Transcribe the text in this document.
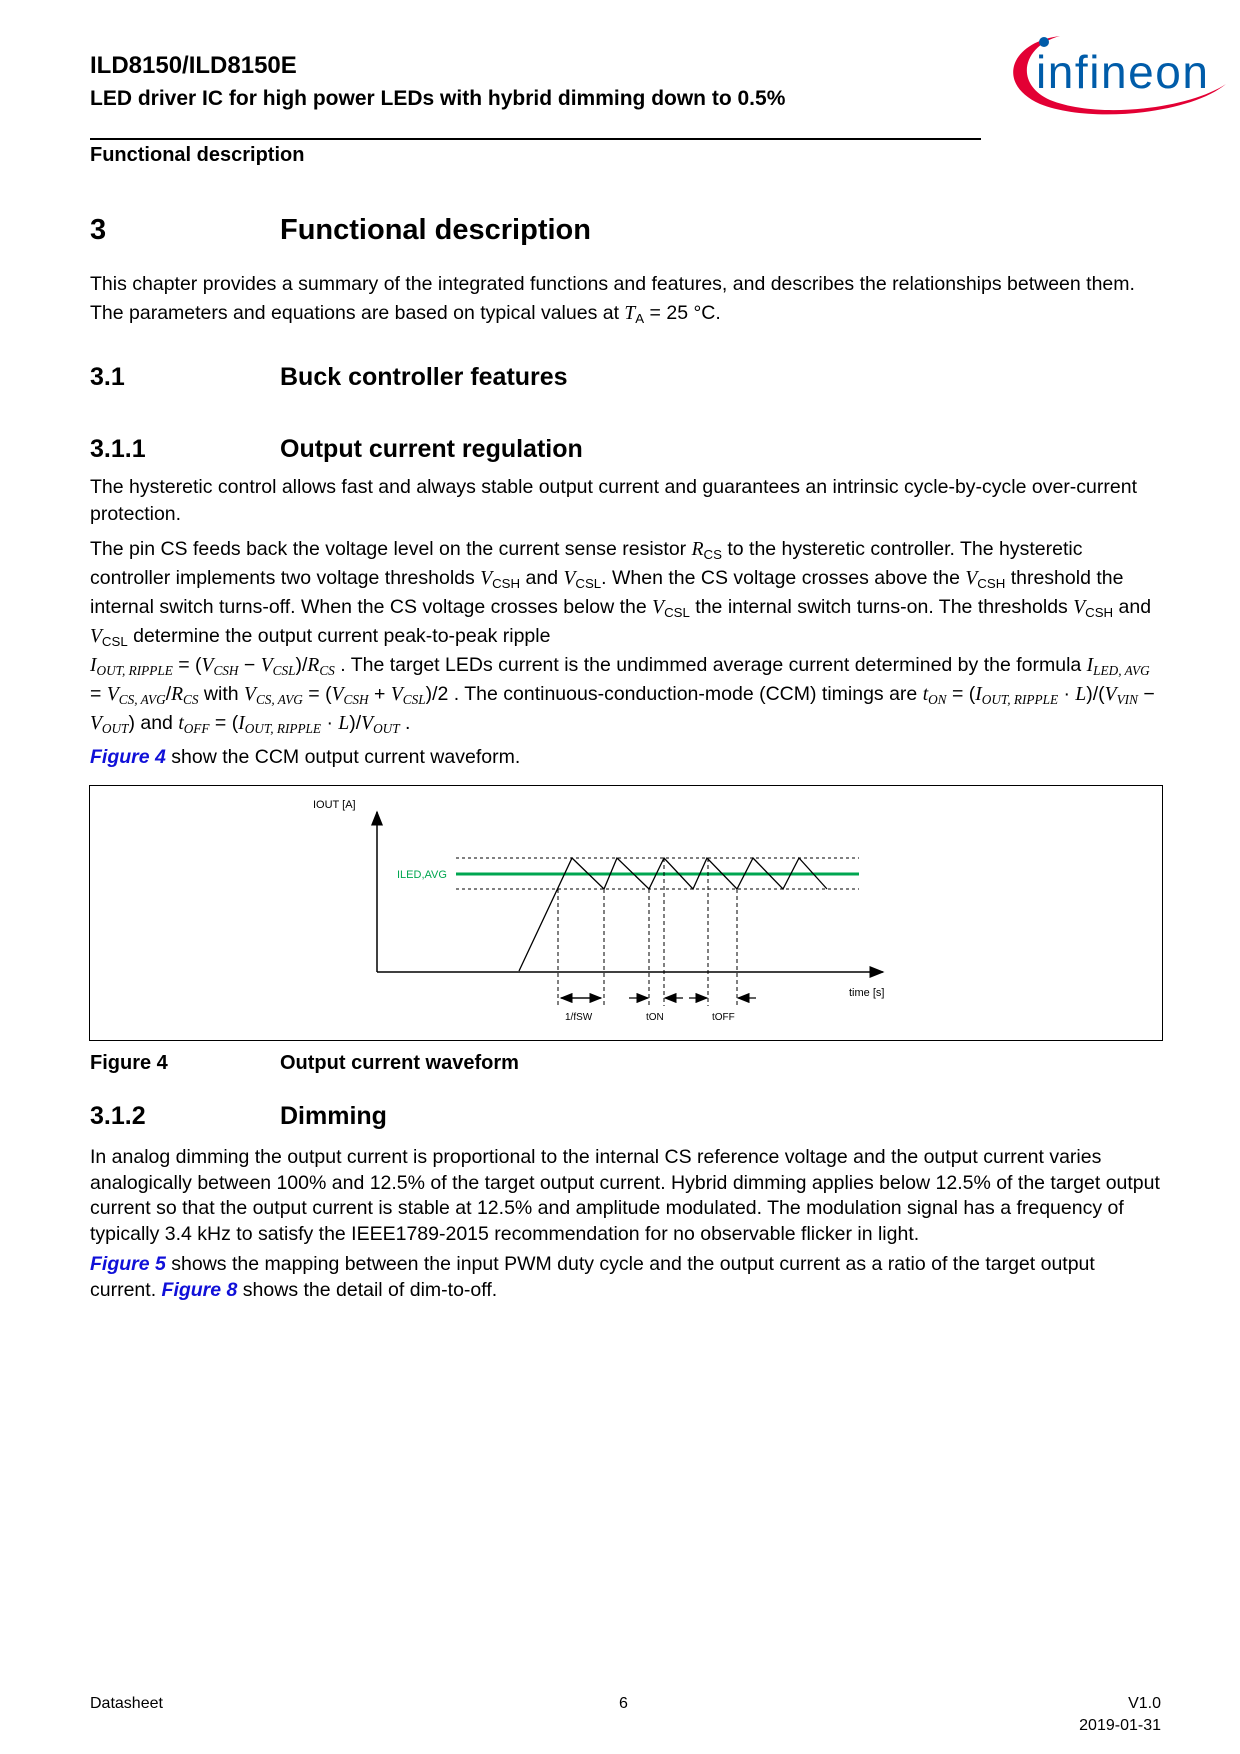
ILD8150/ILD8150E
LED driver IC for high power LEDs with hybrid dimming down to 0.5%
Functional description
infineon
3	Functional description

This chapter provides a summary of the integrated functions and features, and describes the relationships between them. The parameters and equations are based on typical values at $T_A = 25$ °C.

3.1	Buck controller features
3.1.1	Output current regulation

The hysteretic control allows fast and always stable output current and guarantees an intrinsic cycle-by-cycle over-current protection.

The pin CS feeds back the voltage level on the current sense resistor $R_{CS}$ to the hysteretic controller. The hysteretic controller implements two voltage thresholds $V_{CSH}$ and $V_{CSL}$. When the CS voltage crosses above the $V_{CSH}$ threshold the internal switch turns-off. When the CS voltage crosses below the $V_{CSL}$ the internal switch turns-on. The thresholds $V_{CSH}$ and $V_{CSL}$ determine the output current peak-to-peak ripple
$I_{OUT, RIPPLE} = (V_{CSH} - V_{CSL})/R_{CS}$ . The target LEDs current is the undimmed average current determined by the formula $I_{LED, AVG} = V_{CS, AVG}/R_{CS}$ with $V_{CS, AVG} = (V_{CSH} + V_{CSL})/2$ . The continuous-conduction-mode (CCM) timings are $t_{ON} = (I_{OUT, RIPPLE} \cdot L)/(V_{VIN} - V_{OUT})$ and $t_{OFF} = (I_{OUT, RIPPLE} \cdot L)/V_{OUT}$ .

Figure 4 show the CCM output current waveform.

IOUT [A]
ILED,AVG
time [s]
1/fSW	tON	tOFF
Figure 4	Output current waveform
3.1.2	Dimming

In analog dimming the output current is proportional to the internal CS reference voltage and the output current varies analogically between 100% and 12.5% of the target output current. Hybrid dimming applies below 12.5% of the target output current so that the output current is stable at 12.5% and amplitude modulated. The modulation signal has a frequency of typically 3.4 kHz to satisfy the IEEE1789-2015 recommendation for no observable flicker in light.

Figure 5 shows the mapping between the input PWM duty cycle and the output current as a ratio of the target output current. Figure 8 shows the detail of dim-to-off.

Datasheet	6	V1.0
2019-01-31
